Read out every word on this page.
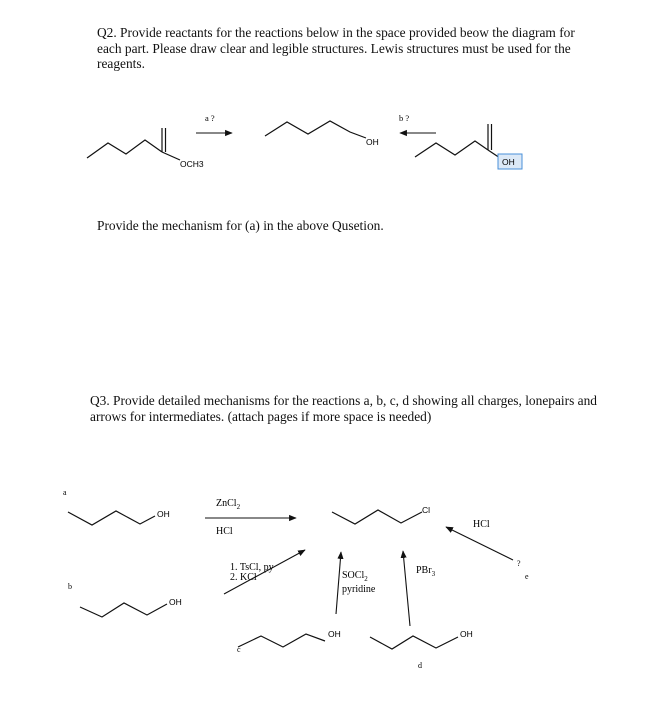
Q2. Provide reactants for the reactions below in the space provided beow the diagram for each part. Please draw clear and legible structures. Lewis structures must be used for the reagents.
Provide the mechanism for (a) in the above Qusetion.
Q3. Provide detailed mechanisms for the reactions a, b, c, d showing all charges, lonepairs and arrows for intermediates. (attach pages if more space is needed)
OCH3
a ?
OH
b ?
OH
a
b
OH
ZnCl$_2$
HCl
Cl
HCl
?
e
OH
1. TsCl, py
2. KCl	SOCl$_2$
pyridine
PBr$_3$
OH
c
OH
d
